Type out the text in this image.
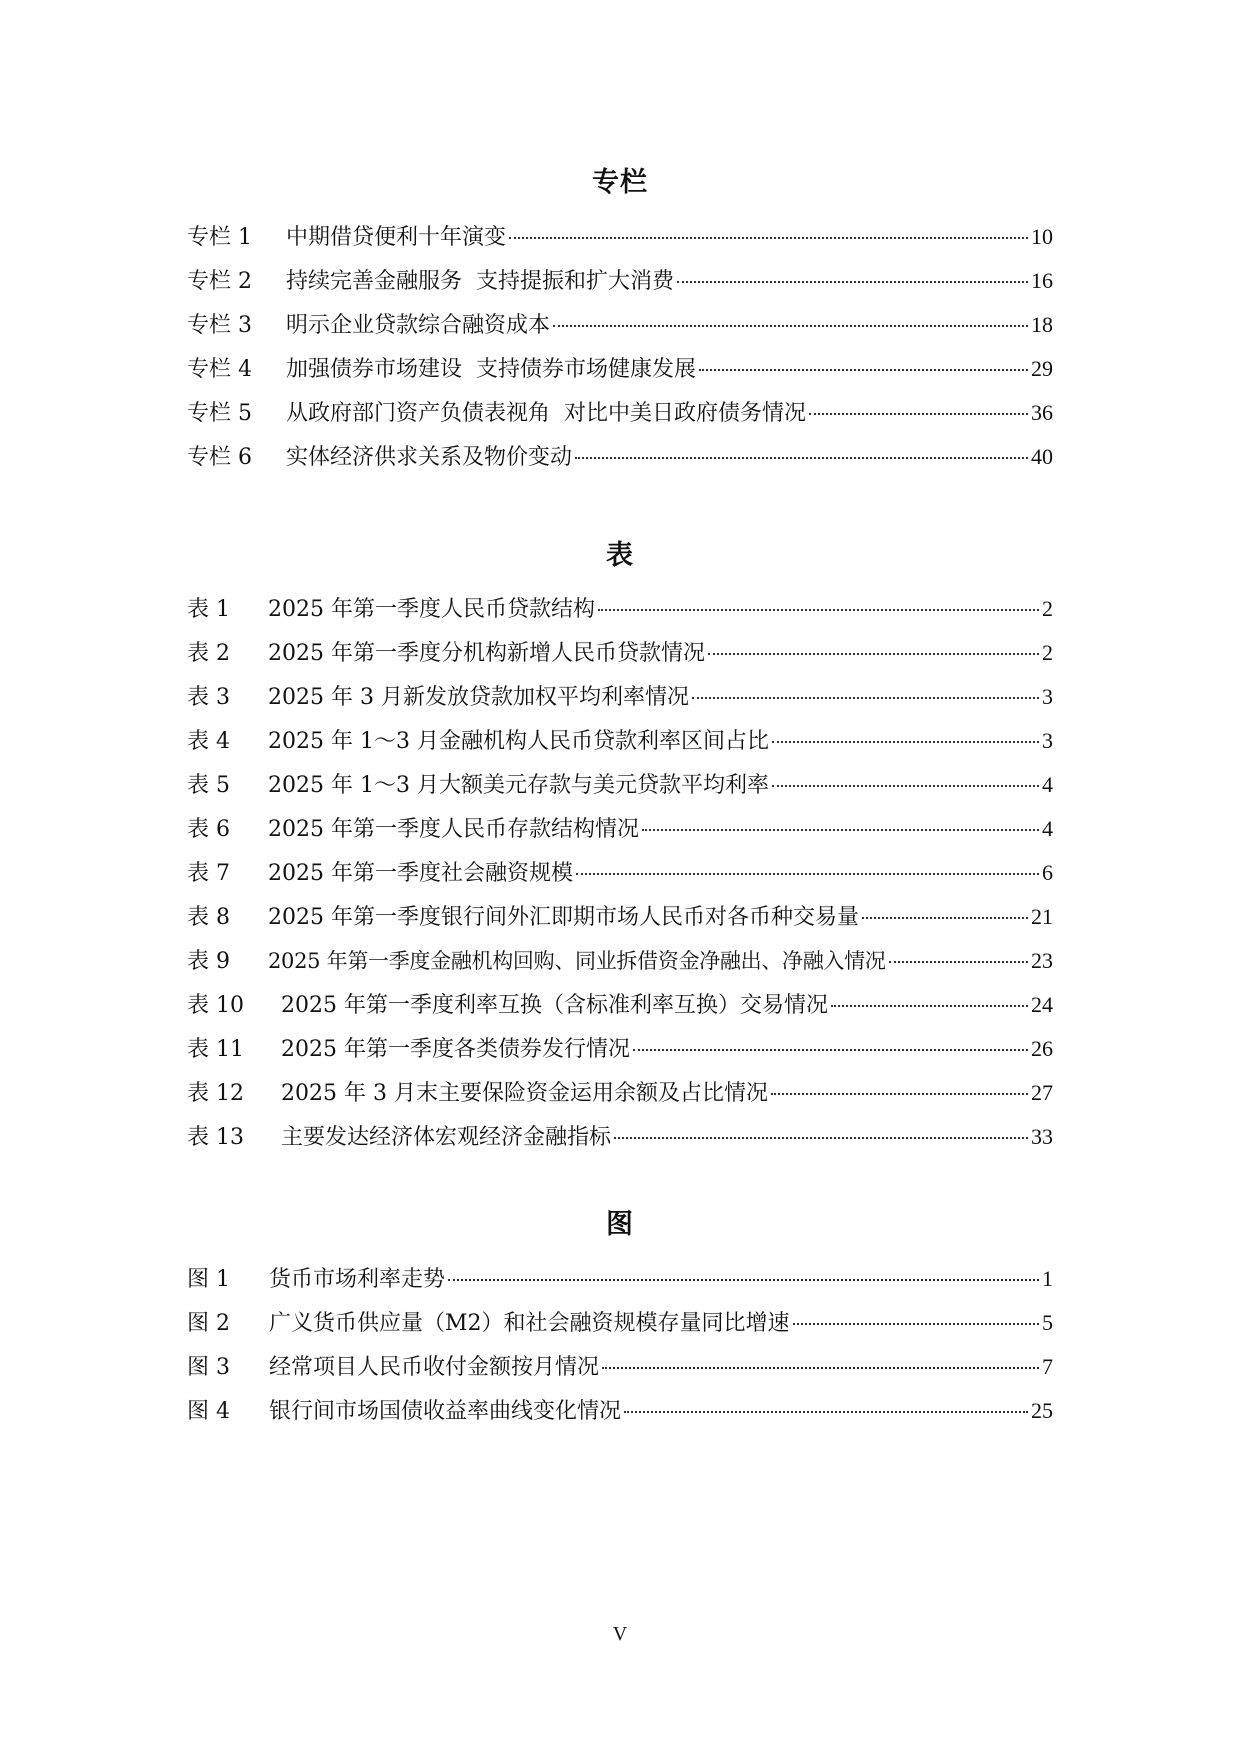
专栏
专栏 1	中期借贷便利十年演变	10
专栏 2	持续完善金融服务  支持提振和扩大消费	16
专栏 3	明示企业贷款综合融资成本	18
专栏 4	加强债券市场建设  支持债券市场健康发展	29
专栏 5	从政府部门资产负债表视角  对比中美日政府债务情况	36
专栏 6	实体经济供求关系及物价变动	40
表
表 1	2025 年第一季度人民币贷款结构	2
表 2	2025 年第一季度分机构新增人民币贷款情况	2
表 3	2025 年 3 月新发放贷款加权平均利率情况	3
表 4	2025 年 1～3 月金融机构人民币贷款利率区间占比	3
表 5	2025 年 1～3 月大额美元存款与美元贷款平均利率	4
表 6	2025 年第一季度人民币存款结构情况	4
表 7	2025 年第一季度社会融资规模	6
表 8	2025 年第一季度银行间外汇即期市场人民币对各币种交易量	21
表 9	2025 年第一季度金融机构回购、同业拆借资金净融出、净融入情况	23
表 10	2025 年第一季度利率互换（含标准利率互换）交易情况	24
表 11	2025 年第一季度各类债券发行情况	26
表 12	2025 年 3 月末主要保险资金运用余额及占比情况	27
表 13	主要发达经济体宏观经济金融指标	33
图
图 1	货币市场利率走势	1
图 2	广义货币供应量（M2）和社会融资规模存量同比增速	5
图 3	经常项目人民币收付金额按月情况	7
图 4	银行间市场国债收益率曲线变化情况	25
V
